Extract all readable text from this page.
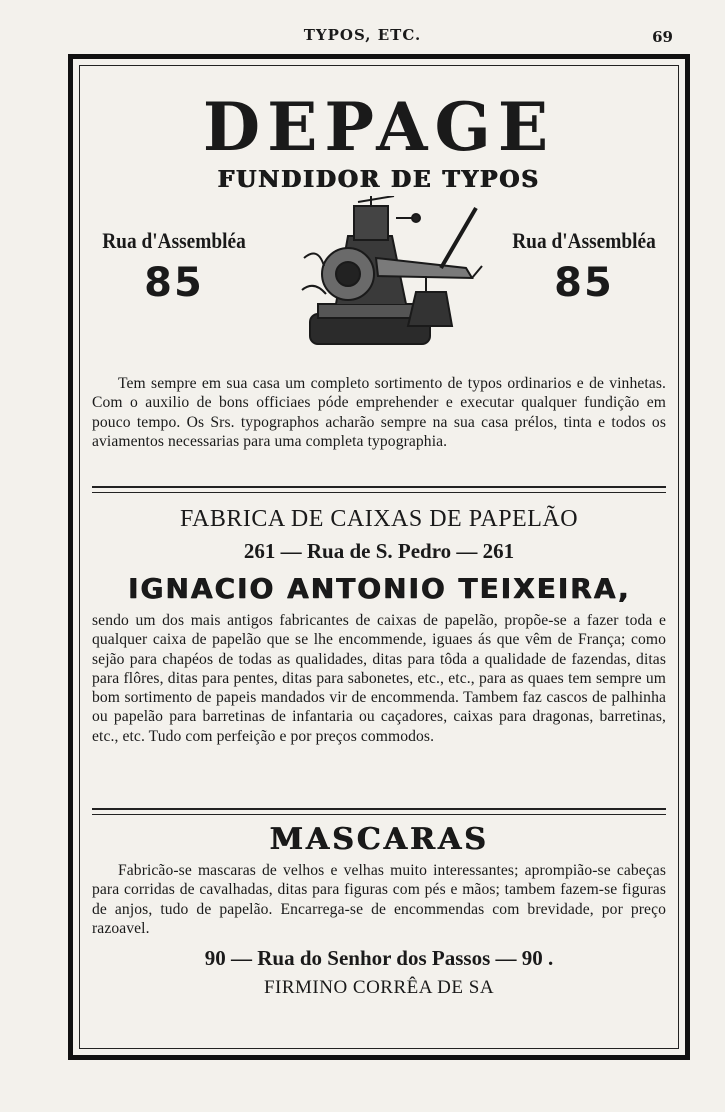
TYPOS, ETC.	69
DEPAGE
FUNDIDOR DE TYPOS
Rua d'Assembléa
85
Rua d'Assembléa
85
Tem sempre em sua casa um completo sortimento de typos ordinarios e de vinhetas. Com o auxilio de bons officiaes póde emprehender e executar qualquer fundição em pouco tempo. Os Srs. typographos acharão sempre na sua casa prélos, tinta e todos os aviamentos necessarias para uma completa typographia.
FABRICA DE CAIXAS DE PAPELÃO
261 — Rua de S. Pedro — 261
IGNACIO ANTONIO TEIXEIRA,
sendo um dos mais antigos fabricantes de caixas de papelão, propõe-se a fazer toda e qualquer caixa de papelão que se lhe encommende, iguaes ás que vêm de França; como sejão para chapéos de todas as qualidades, ditas para tôda a qualidade de fazendas, ditas para flôres, ditas para pentes, ditas para sabonetes, etc., etc., para as quaes tem sempre um bom sortimento de papeis mandados vir de encommenda. Tambem faz cascos de palhinha ou papelão para barretinas de infantaria ou caçadores, caixas para dragonas, barretinas, etc., etc. Tudo com perfeição e por preços commodos.
MASCARAS
Fabricão-se mascaras de velhos e velhas muito interessantes; aprompião-se cabeças para corridas de cavalhadas, ditas para figuras com pés e mãos; tambem fazem-se figuras de anjos, tudo de papelão. Encarrega-se de encommendas com brevidade, por preço razoavel.
90 — Rua do Senhor dos Passos — 90 .
FIRMINO CORRÊA DE SA
